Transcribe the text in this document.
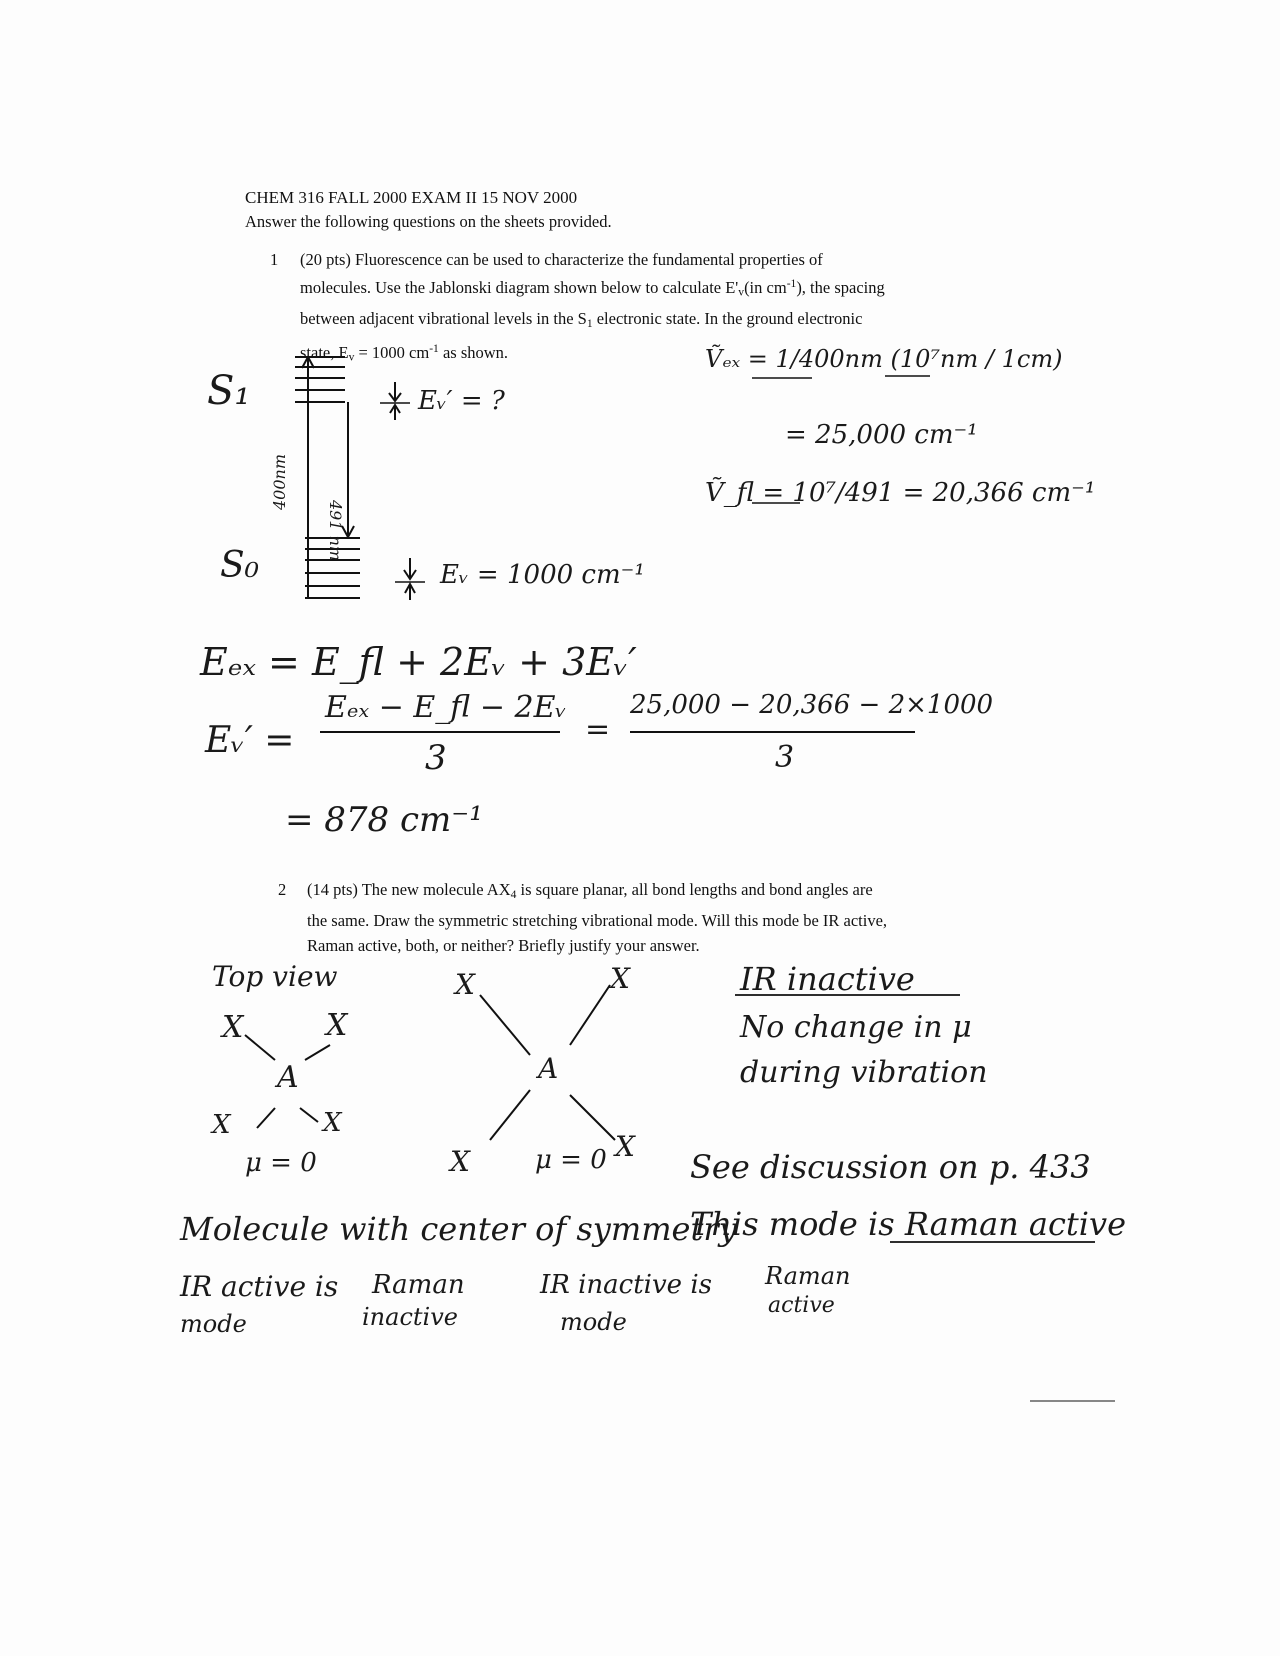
CHEM 316 FALL 2000 EXAM II 15 NOV 2000
Answer the following questions on the sheets provided.
1 (20 pts) Fluorescence can be used to characterize the fundamental properties of
molecules. Use the Jablonski diagram shown below to calculate $E'_v(in$ $cm^{-1}$), the spacing
between adjacent vibrational levels in the $S_1$ electronic state. In the ground electronic
state, $E_v = 1000$ $cm^{-1}$ as shown.
S₁
S₀
400nm
491 nm
Eᵥ′ = ?
Eᵥ = 1000 cm⁻¹
Ṽₑₓ = 1/400nm (10⁷nm / 1cm)
= 25,000 cm⁻¹
Ṽ_fl = 10⁷/491 = 20,366 cm⁻¹
Eₑₓ = E_fl + 2Eᵥ + 3Eᵥ′
Eᵥ′ =
Eₑₓ − E_fl − 2Eᵥ
3
=
25,000 − 20,366 − 2×1000
3
= 878 cm⁻¹
2 (14 pts) The new molecule $AX_4$ is square planar, all bond lengths and bond angles are
the same. Draw the symmetric stretching vibrational mode. Will this mode be IR active,
Raman active, both, or neither? Briefly justify your answer.
Top view
X	X
A
X	X
μ = 0
X	X
A
X	X
μ = 0
IR inactive
No change in μ
during vibration
See discussion on p. 433
Molecule with center of symmetry
This mode is Raman active
IR active is Raman
mode	inactive
IR inactive is
mode
Raman
active
